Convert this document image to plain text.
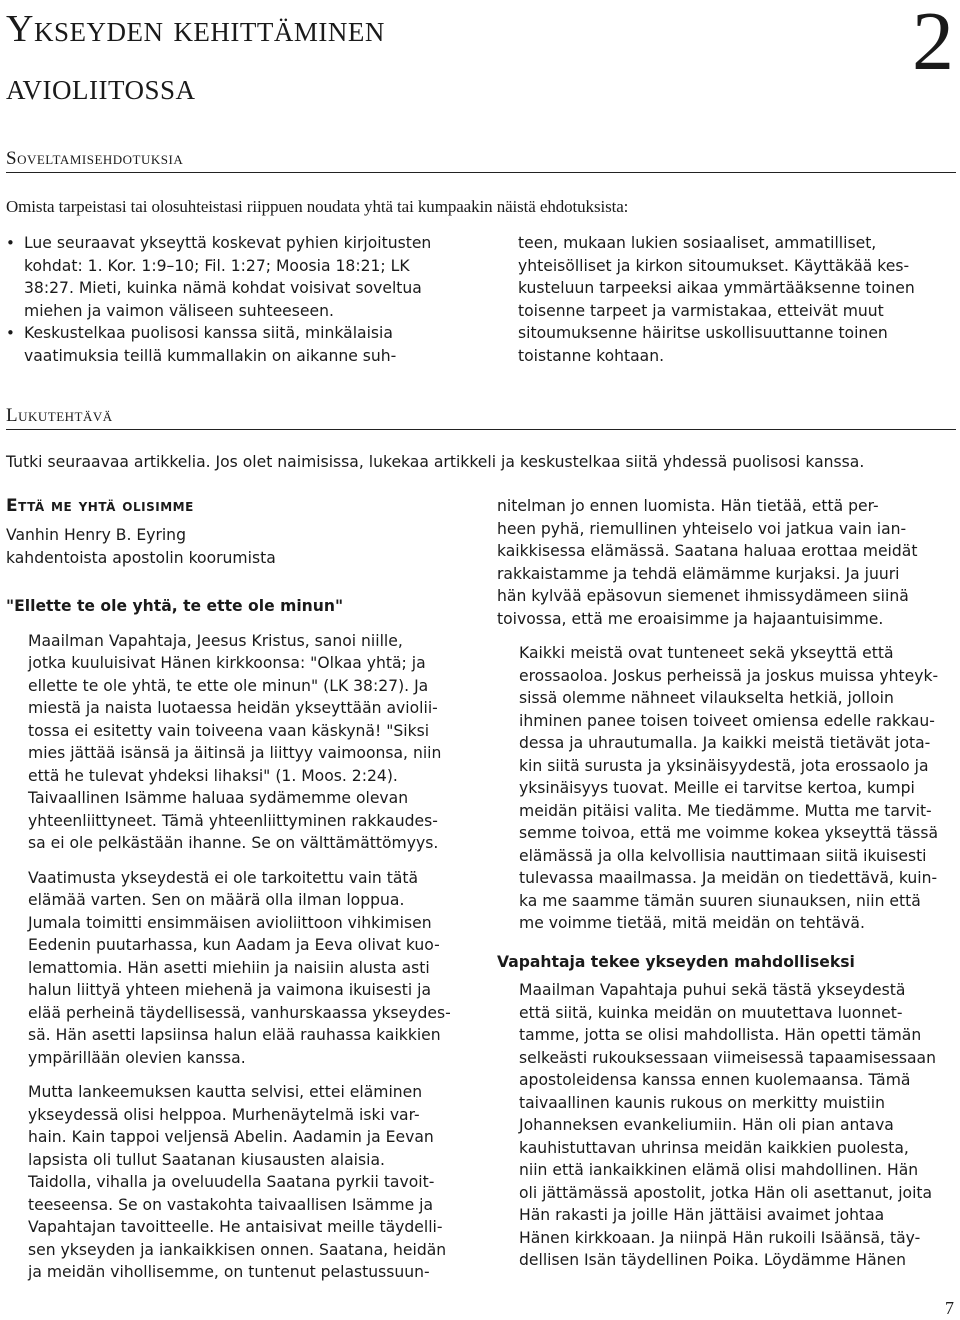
Ykseyden kehittäminen
avioliitossa	2
Soveltamisehdotuksia
Omista tarpeistasi tai olosuhteistasi riippuen noudata yhtä tai kumpaakin näistä ehdotuksista:
• Lue seuraavat ykseyttä koskevat pyhien kirjoitusten
kohdat: 1. Kor. 1:9–10; Fil. 1:27; Moosia 18:21; LK
38:27. Mieti, kuinka nämä kohdat voisivat soveltua
miehen ja vaimon väliseen suhteeseen.
• Keskustelkaa puolisosi kanssa siitä, minkälaisia
vaatimuksia teillä kummallakin on aikanne suh-
teen, mukaan lukien sosiaaliset, ammatilliset,
yhteisölliset ja kirkon sitoumukset. Käyttäkää kes-
kusteluun tarpeeksi aikaa ymmärtääksenne toinen
toisenne tarpeet ja varmistakaa, etteivät muut
sitoumuksenne häiritse uskollisuuttanne toinen
toistanne kohtaan.
Lukutehtävä
Tutki seuraavaa artikkelia. Jos olet naimisissa, lukekaa artikkeli ja keskustelkaa siitä yhdessä puolisosi kanssa.
Että me yhtä olisimme
Vanhin Henry B. Eyring
kahdentoista apostolin koorumista
"Ellette te ole yhtä, te ette ole minun"

Maailman Vapahtaja, Jeesus Kristus, sanoi niille,
jotka kuuluisivat Hänen kirkkoonsa: "Olkaa yhtä; ja
ellette te ole yhtä, te ette ole minun" (LK 38:27). Ja
miestä ja naista luotaessa heidän ykseyttään aviolii-
tossa ei esitetty vain toiveena vaan käskynä! "Siksi
mies jättää isänsä ja äitinsä ja liittyy vaimoonsa, niin
että he tulevat yhdeksi lihaksi" (1. Moos. 2:24).
Taivaallinen Isämme haluaa sydämemme olevan
yhteenliittyneet. Tämä yhteenliittyminen rakkaudes-
sa ei ole pelkästään ihanne. Se on välttämättömyys.

Vaatimusta ykseydestä ei ole tarkoitettu vain tätä
elämää varten. Sen on määrä olla ilman loppua.
Jumala toimitti ensimmäisen avioliittoon vihkimisen
Eedenin puutarhassa, kun Aadam ja Eeva olivat kuo-
lemattomia. Hän asetti miehiin ja naisiin alusta asti
halun liittyä yhteen miehenä ja vaimona ikuisesti ja
elää perheinä täydellisessä, vanhurskaassa ykseydes-
sä. Hän asetti lapsiinsa halun elää rauhassa kaikkien
ympärillään olevien kanssa.

Mutta lankeemuksen kautta selvisi, ettei eläminen
ykseydessä olisi helppoa. Murhenäytelmä iski var-
hain. Kain tappoi veljensä Abelin. Aadamin ja Eevan
lapsista oli tullut Saatanan kiusausten alaisia.
Taidolla, vihalla ja oveluudella Saatana pyrkii tavoit-
teeseensa. Se on vastakohta taivaallisen Isämme ja
Vapahtajan tavoitteelle. He antaisivat meille täydelli-
sen ykseyden ja iankaikkisen onnen. Saatana, heidän
ja meidän vihollisemme, on tuntenut pelastussuun-

nitelman jo ennen luomista. Hän tietää, että per-
heen pyhä, riemullinen yhteiselo voi jatkua vain ian-
kaikkisessa elämässä. Saatana haluaa erottaa meidät
rakkaistamme ja tehdä elämämme kurjaksi. Ja juuri
hän kylvää epäsovun siemenet ihmissydämeen siinä
toivossa, että me eroaisimme ja hajaantuisimme.

Kaikki meistä ovat tunteneet sekä ykseyttä että
erossaoloa. Joskus perheissä ja joskus muissa yhteyk-
sissä olemme nähneet vilaukselta hetkiä, jolloin
ihminen panee toisen toiveet omiensa edelle rakkau-
dessa ja uhrautumalla. Ja kaikki meistä tietävät jota-
kin siitä surusta ja yksinäisyydestä, jota erossaolo ja
yksinäisyys tuovat. Meille ei tarvitse kertoa, kumpi
meidän pitäisi valita. Me tiedämme. Mutta me tarvit-
semme toivoa, että me voimme kokea ykseyttä tässä
elämässä ja olla kelvollisia nauttimaan siitä ikuisesti
tulevassa maailmassa. Ja meidän on tiedettävä, kuin-
ka me saamme tämän suuren siunauksen, niin että
me voimme tietää, mitä meidän on tehtävä.

Vapahtaja tekee ykseyden mahdolliseksi

Maailman Vapahtaja puhui sekä tästä ykseydestä
että siitä, kuinka meidän on muutettava luonnet-
tamme, jotta se olisi mahdollista. Hän opetti tämän
selkeästi rukouksessaan viimeisessä tapaamisessaan
apostoleidensa kanssa ennen kuolemaansa. Tämä
taivaallinen kaunis rukous on merkitty muistiin
Johanneksen evankeliumiin. Hän oli pian antava
kauhistuttavan uhrinsa meidän kaikkien puolesta,
niin että iankaikkinen elämä olisi mahdollinen. Hän
oli jättämässä apostolit, jotka Hän oli asettanut, joita
Hän rakasti ja joille Hän jättäisi avaimet johtaa
Hänen kirkkoaan. Ja niinpä Hän rukoili Isäänsä, täy-
dellisen Isän täydellinen Poika. Löydämme Hänen

7
